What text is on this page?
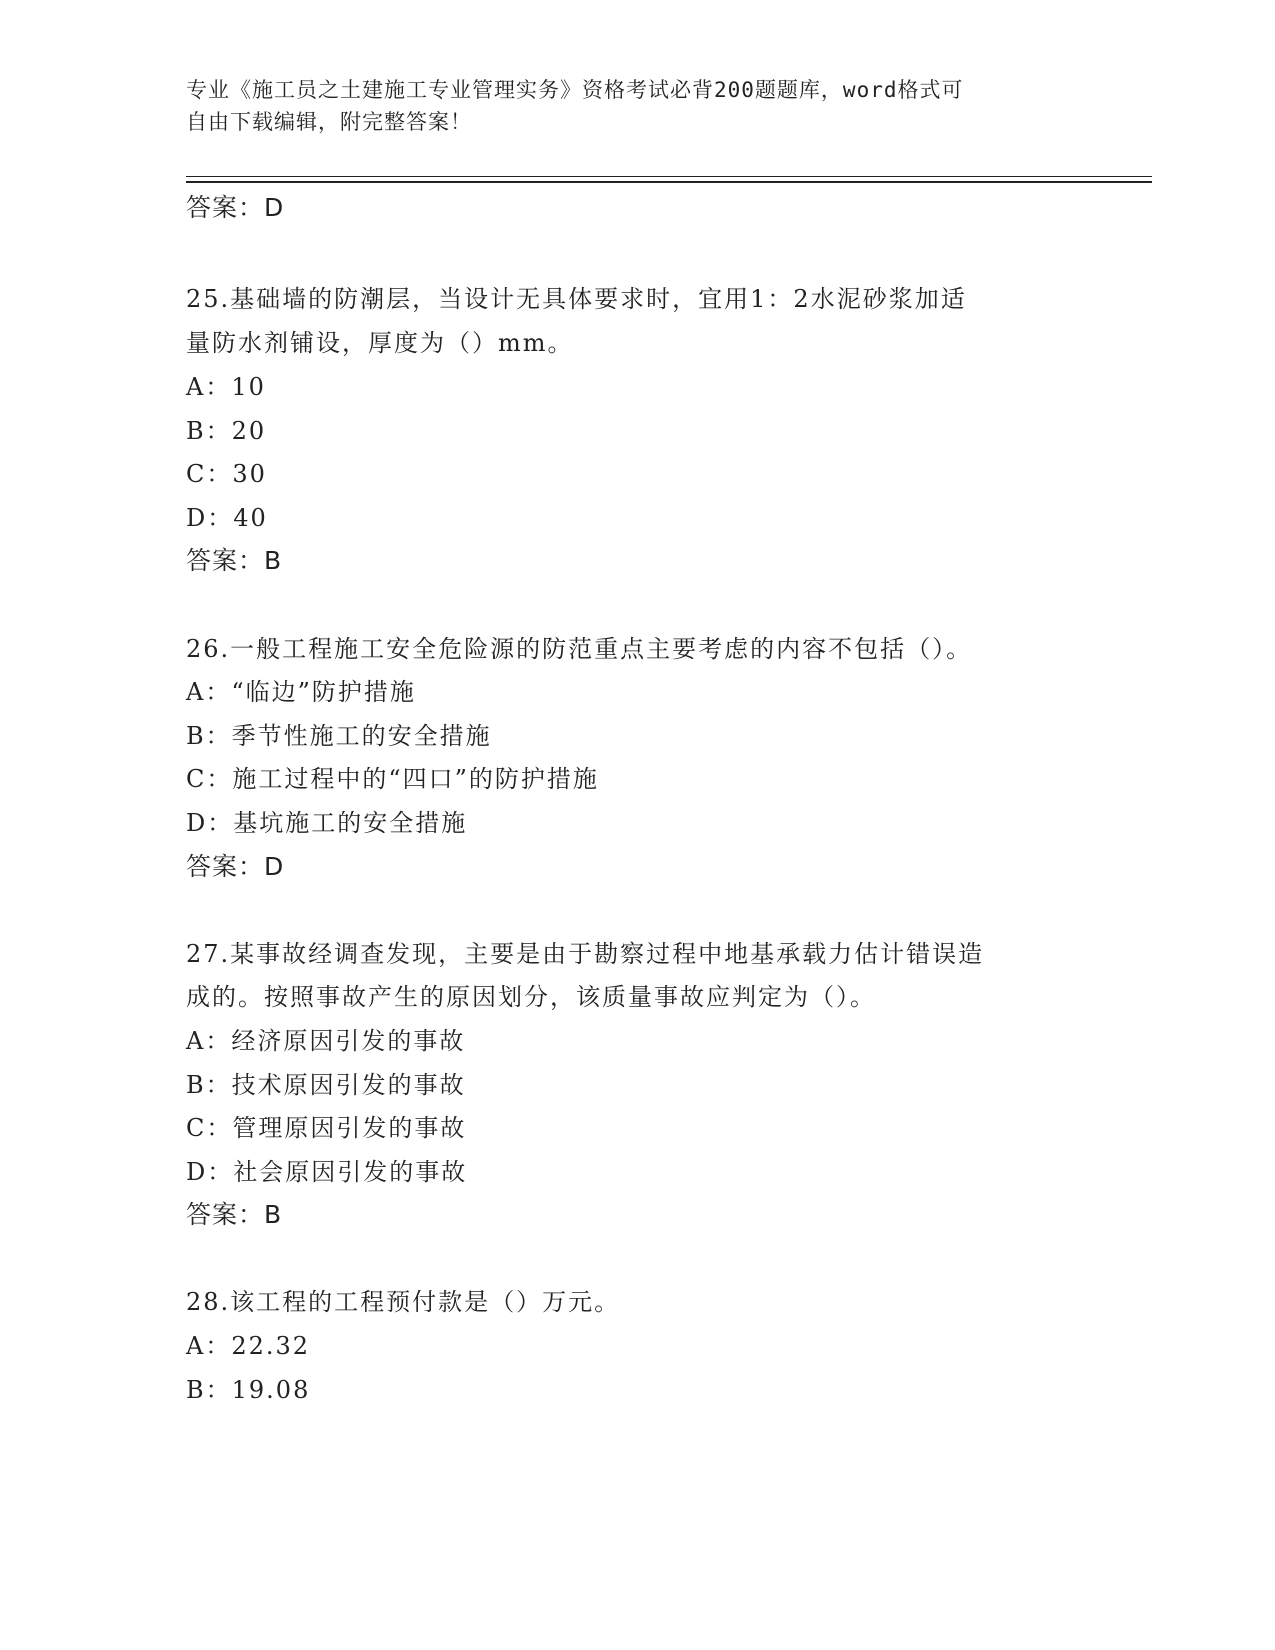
专业《施工员之土建施工专业管理实务》资格考试必背200题题库，word格式可
自由下载编辑，附完整答案！
答案：D
25.基础墙的防潮层，当设计无具体要求时，宜用1：2水泥砂浆加适
量防水剂铺设，厚度为（）mm。
A：10
B：20
C：30
D：40
答案：B
26.一般工程施工安全危险源的防范重点主要考虑的内容不包括（）。
A：“临边”防护措施
B：季节性施工的安全措施
C：施工过程中的“四口”的防护措施
D：基坑施工的安全措施
答案：D
27.某事故经调查发现，主要是由于勘察过程中地基承载力估计错误造
成的。按照事故产生的原因划分，该质量事故应判定为（）。
A：经济原因引发的事故
B：技术原因引发的事故
C：管理原因引发的事故
D：社会原因引发的事故
答案：B
28.该工程的工程预付款是（）万元。
A：22.32
B：19.08
